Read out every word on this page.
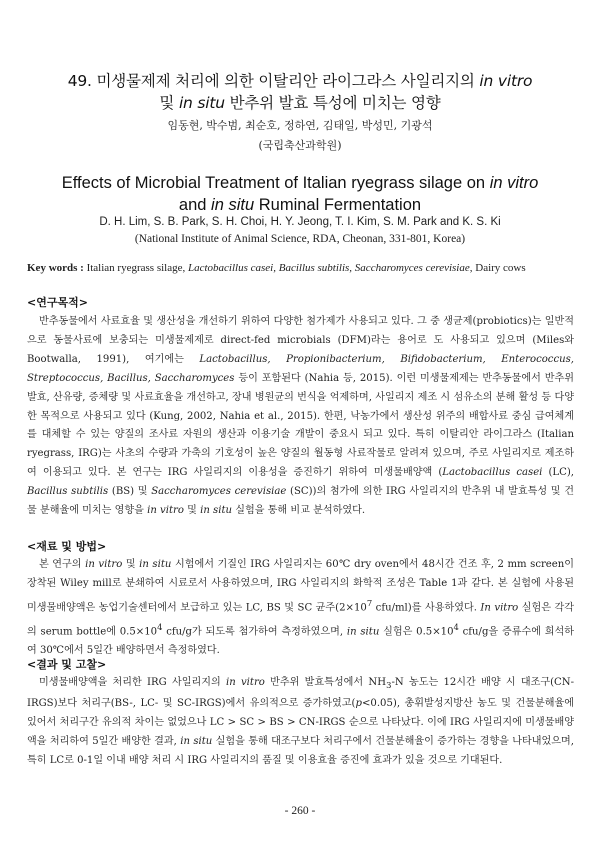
49. 미생물제제 처리에 의한 이탈리안 라이그라스 사일리지의 in vitro
및 in situ 반추위 발효 특성에 미치는 영향
임동현, 박수범, 최순호, 정하연, 김태일, 박성민, 기광석
(국립축산과학원)
Effects of Microbial Treatment of Italian ryegrass silage on in vitro
and in situ Ruminal Fermentation
D. H. Lim, S. B. Park, S. H. Choi, H. Y. Jeong, T. I. Kim, S. M. Park and K. S. Ki
(National Institute of Animal Science, RDA, Cheonan, 331-801, Korea)
Key words : Italian ryegrass silage, Lactobacillus casei, Bacillus subtilis, Saccharomyces cerevisiae, Dairy cows
<연구목적>

반추동물에서 사료효율 및 생산성을 개선하기 위하여 다양한 첨가제가 사용되고 있다. 그 중 생균제(probiotics)는 일반적으로 동물사료에 보충되는 미생물제제로 direct-fed microbials (DFM)라는 용어로 도 사용되고 있으며 (Miles와 Bootwalla, 1991), 여기에는 Lactobacillus, Propionibacterium, Bifidobacterium, Enterococcus, Streptococcus, Bacillus, Saccharomyces 등이 포함된다 (Nahia 등, 2015). 이런 미생물제제는 반추동물에서 반추위 발효, 산유량, 증체량 및 사료효율을 개선하고, 장내 병원균의 번식을 억제하며, 사일리지 제조 시 섬유소의 분해 활성 등 다양한 목적으로 사용되고 있다 (Kung, 2002, Nahia et al., 2015). 한편, 낙농가에서 생산성 위주의 배합사료 중심 급여체계를 대체할 수 있는 양질의 조사료 자원의 생산과 이용기술 개발이 중요시 되고 있다. 특히 이탈리안 라이그라스 (Italian ryegrass, IRG)는 사초의 수량과 가축의 기호성이 높은 양질의 월동형 사료작물로 알려져 있으며, 주로 사일리지로 제조하여 이용되고 있다. 본 연구는 IRG 사일리지의 이용성을 증진하기 위하여 미생물배양액 (Lactobacillus casei (LC), Bacillus subtilis (BS) 및 Saccharomyces cerevisiae (SC))의 첨가에 의한 IRG 사일리지의 반추위 내 발효특성 및 건물 분해율에 미치는 영향을 in vitro 및 in situ 실험을 통해 비교 분석하였다.

<재료 및 방법>

본 연구의 in vitro 및 in situ 시험에서 기질인 IRG 사일리지는 60℃ dry oven에서 48시간 건조 후, 2 mm screen이 장착된 Wiley mill로 분쇄하여 시료로서 사용하였으며, IRG 사일리지의 화학적 조성은 Table 1과 같다. 본 실험에 사용된 미생물배양액은 농업기술센터에서 보급하고 있는 LC, BS 및 SC 균주($2\times 10^7$ cfu/ml)를 사용하였다. In vitro 실험은 각각의 serum bottle에 $0.5\times 10^4$ cfu/g가 되도록 첨가하여 측정하였으며, in situ 실험은 $0.5\times 10^4$ cfu/g을 증류수에 희석하여 30℃에서 5일간 배양하면서 측정하였다.

<결과 및 고찰>

미생물배양액을 처리한 IRG 사일리지의 in vitro 반추위 발효특성에서 $NH_3-N$ 농도는 12시간 배양 시 대조구(CN-IRGS)보다 처리구(BS-, LC- 및 SC-IRGS)에서 유의적으로 증가하였고(p<0.05), 총휘발성지방산 농도 및 건물분해율에 있어서 처리구간 유의적 차이는 없었으나 LC > SC > BS > CN-IRGS 순으로 나타났다. 이에 IRG 사일리지에 미생물배양액을 처리하여 5일간 배양한 결과, in situ 실험을 통해 대조구보다 처리구에서 건물분해율이 증가하는 경향을 나타내었으며, 특히 LC로 0-1일 이내 배양 처리 시 IRG 사일리지의 품질 및 이용효율 증진에 효과가 있을 것으로 기대된다.

- 260 -
